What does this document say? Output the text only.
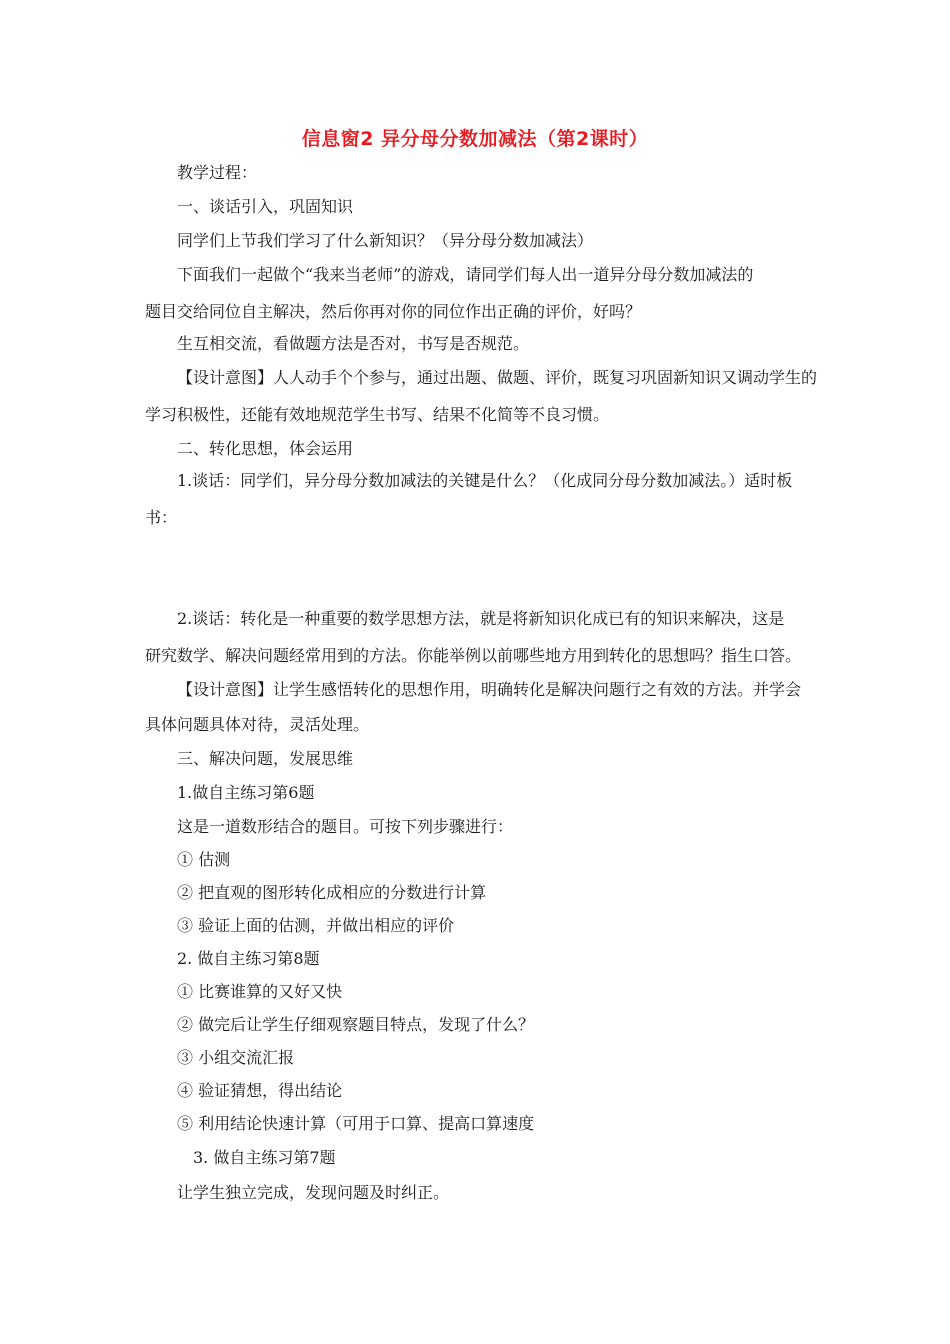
信息窗2 异分母分数加减法（第2课时）
教学过程：
一、谈话引入，巩固知识
同学们上节我们学习了什么新知识？（异分母分数加减法）
下面我们一起做个“我来当老师”的游戏，请同学们每人出一道异分母分数加减法的
题目交给同位自主解决，然后你再对你的同位作出正确的评价，好吗？
生互相交流，看做题方法是否对，书写是否规范。
【设计意图】人人动手个个参与，通过出题、做题、评价，既复习巩固新知识又调动学生的
学习积极性，还能有效地规范学生书写、结果不化简等不良习惯。
二、转化思想，体会运用
1.谈话：同学们，异分母分数加减法的关键是什么？（化成同分母分数加减法。）适时板
书：
2.谈话：转化是一种重要的数学思想方法，就是将新知识化成已有的知识来解决，这是
研究数学、解决问题经常用到的方法。你能举例以前哪些地方用到转化的思想吗？指生口答。
【设计意图】让学生感悟转化的思想作用，明确转化是解决问题行之有效的方法。并学会
具体问题具体对待，灵活处理。
三、解决问题，发展思维
1.做自主练习第6题
这是一道数形结合的题目。可按下列步骤进行：
① 估测
② 把直观的图形转化成相应的分数进行计算
③ 验证上面的估测，并做出相应的评价
2. 做自主练习第8题
① 比赛谁算的又好又快
② 做完后让学生仔细观察题目特点，发现了什么？
③ 小组交流汇报
④ 验证猜想，得出结论
⑤ 利用结论快速计算（可用于口算、提高口算速度
3. 做自主练习第7题
让学生独立完成，发现问题及时纠正。
